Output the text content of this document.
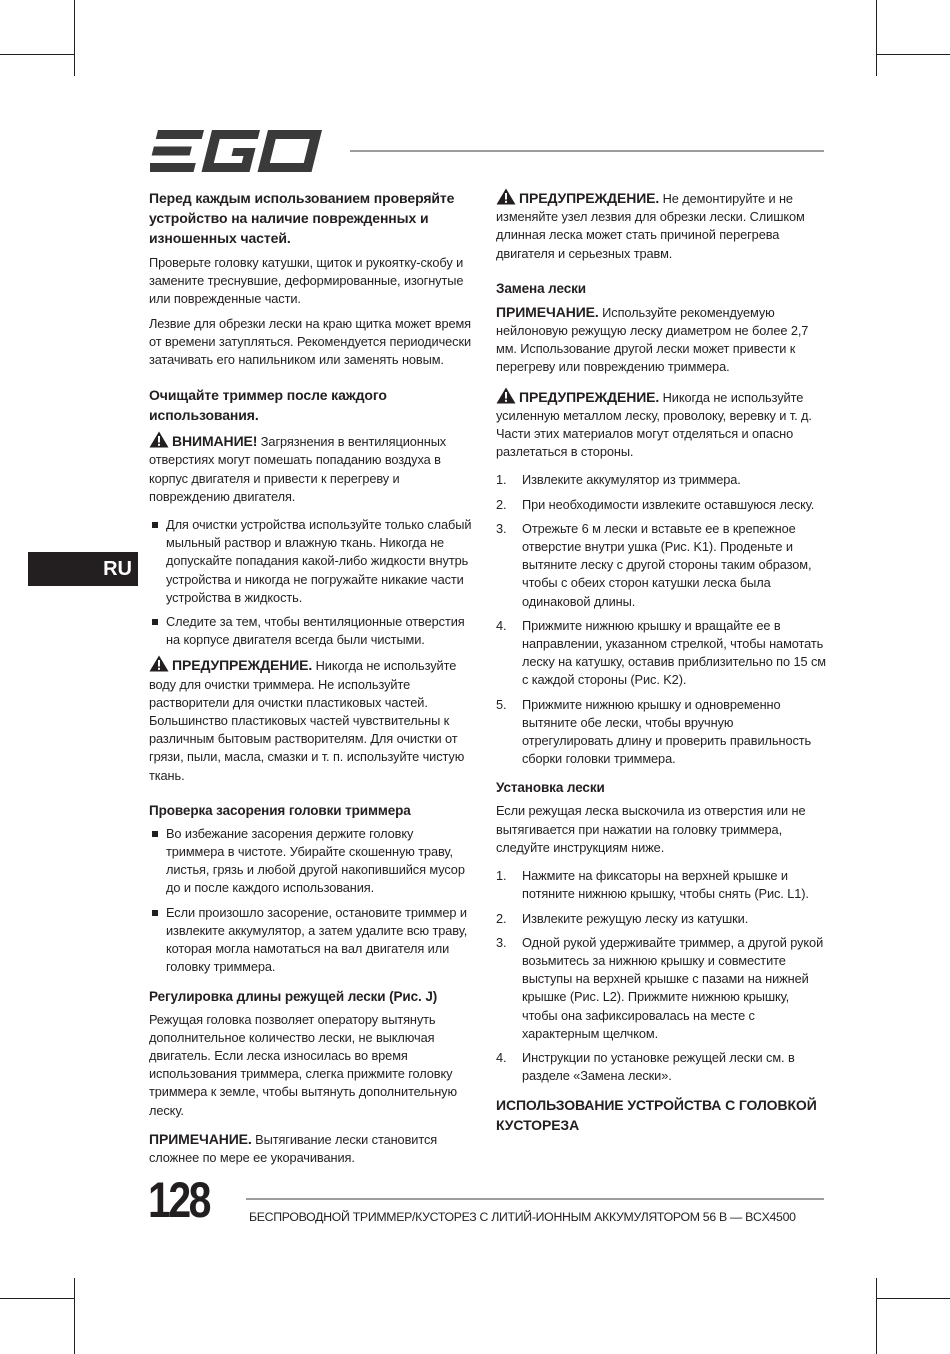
RU
Перед каждым использованием проверяйте устройство на наличие поврежденных и изношенных частей.

Проверьте головку катушки, щиток и рукоятку-скобу и замените треснувшие, деформированные, изогнутые или поврежденные части.

Лезвие для обрезки лески на краю щитка может время от времени затупляться. Рекомендуется периодически затачивать его напильником или заменять новым.

Очищайте триммер после каждого использования.

ВНИМАНИЕ! Загрязнения в вентиляционных отверстиях могут помешать попаданию воздуха в корпус двигателя и привести к перегреву и повреждению двигателя.

Для очистки устройства используйте только слабый мыльный раствор и влажную ткань. Никогда не допускайте попадания какой-либо жидкости внутрь устройства и никогда не погружайте никакие части устройства в жидкость.
Следите за тем, чтобы вентиляционные отверстия на корпусе двигателя всегда были чистыми.

ПРЕДУПРЕЖДЕНИЕ. Никогда не используйте воду для очистки триммера. Не используйте растворители для очистки пластиковых частей. Большинство пластиковых частей чувствительны к различным бытовым растворителям. Для очистки от грязи, пыли, масла, смазки и т. п. используйте чистую ткань.

Проверка засорения головки триммера
Во избежание засорения держите головку триммера в чистоте. Убирайте скошенную траву, листья, грязь и любой другой накопившийся мусор до и после каждого использования.
Если произошло засорение, остановите триммер и извлеките аккумулятор, а затем удалите всю траву, которая могла намотаться на вал двигателя или головку триммера.
Регулировка длины режущей лески (Рис. J)

Режущая головка позволяет оператору вытянуть дополнительное количество лески, не выключая двигатель. Если леска износилась во время использования триммера, слегка прижмите головку триммера к земле, чтобы вытянуть дополнительную леску.

ПРИМЕЧАНИЕ. Вытягивание лески становится сложнее по мере ее укорачивания.

ПРЕДУПРЕЖДЕНИЕ. Не демонтируйте и не изменяйте узел лезвия для обрезки лески. Слишком длинная леска может стать причиной перегрева двигателя и серьезных травм.

Замена лески

ПРИМЕЧАНИЕ. Используйте рекомендуемую нейлоновую режущую леску диаметром не более 2,7 мм. Использование другой лески может привести к перегреву или повреждению триммера.

ПРЕДУПРЕЖДЕНИЕ. Никогда не используйте усиленную металлом леску, проволоку, веревку и т. д. Части этих материалов могут отделяться и опасно разлетаться в стороны.

1. Извлеките аккумулятор из триммера.
2. При необходимости извлеките оставшуюся леску.
3. Отрежьте 6 м лески и вставьте ее в крепежное отверстие внутри ушка (Рис. K1). Проденьте и вытяните леску с другой стороны таким образом, чтобы с обеих сторон катушки леска была одинаковой длины.
4. Прижмите нижнюю крышку и вращайте ее в направлении, указанном стрелкой, чтобы намотать леску на катушку, оставив приблизительно по 15 см с каждой стороны (Рис. K2).
5. Прижмите нижнюю крышку и одновременно вытяните обе лески, чтобы вручную отрегулировать длину и проверить правильность сборки головки триммера.
Установка лески

Если режущая леска выскочила из отверстия или не вытягивается при нажатии на головку триммера, следуйте инструкциям ниже.

1. Нажмите на фиксаторы на верхней крышке и потяните нижнюю крышку, чтобы снять (Рис. L1).
2. Извлеките режущую леску из катушки.
3. Одной рукой удерживайте триммер, а другой рукой возьмитесь за нижнюю крышку и совместите выступы на верхней крышке с пазами на нижней крышке (Рис. L2). Прижмите нижнюю крышку, чтобы она зафиксировалась на месте с характерным щелчком.
4. Инструкции по установке режущей лески см. в разделе «Замена лески».
ИСПОЛЬЗОВАНИЕ УСТРОЙСТВА С ГОЛОВКОЙ КУСТОРЕЗА
128	БЕСПРОВОДНОЙ ТРИММЕР/КУСТОРЕЗ С ЛИТИЙ-ИОННЫМ АККУМУЛЯТОРОМ 56 В — BCX4500
